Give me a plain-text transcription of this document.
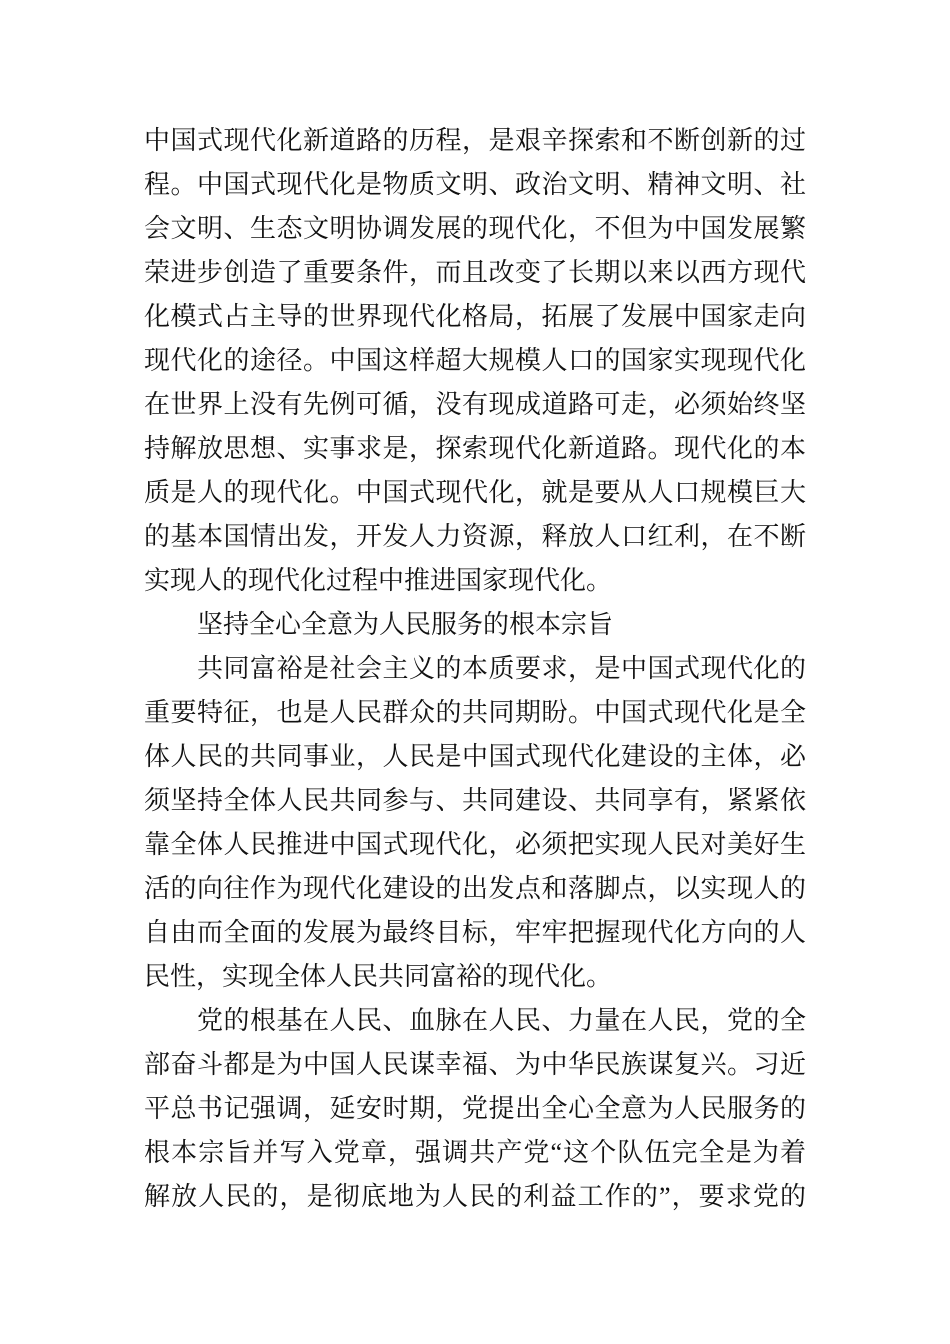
中国式现代化新道路的历程，是艰辛探索和不断创新的过
程。中国式现代化是物质文明、政治文明、精神文明、社
会文明、生态文明协调发展的现代化，不但为中国发展繁
荣进步创造了重要条件，而且改变了长期以来以西方现代
化模式占主导的世界现代化格局，拓展了发展中国家走向
现代化的途径。中国这样超大规模人口的国家实现现代化
在世界上没有先例可循，没有现成道路可走，必须始终坚
持解放思想、实事求是，探索现代化新道路。现代化的本
质是人的现代化。中国式现代化，就是要从人口规模巨大
的基本国情出发，开发人力资源，释放人口红利，在不断
实现人的现代化过程中推进国家现代化。
坚持全心全意为人民服务的根本宗旨
共同富裕是社会主义的本质要求，是中国式现代化的
重要特征，也是人民群众的共同期盼。中国式现代化是全
体人民的共同事业，人民是中国式现代化建设的主体，必
须坚持全体人民共同参与、共同建设、共同享有，紧紧依
靠全体人民推进中国式现代化，必须把实现人民对美好生
活的向往作为现代化建设的出发点和落脚点，以实现人的
自由而全面的发展为最终目标，牢牢把握现代化方向的人
民性，实现全体人民共同富裕的现代化。
党的根基在人民、血脉在人民、力量在人民，党的全
部奋斗都是为中国人民谋幸福、为中华民族谋复兴。习近
平总书记强调，延安时期，党提出全心全意为人民服务的
根本宗旨并写入党章，强调共产党“这个队伍完全是为着
解放人民的，是彻底地为人民的利益工作的”，要求党的
